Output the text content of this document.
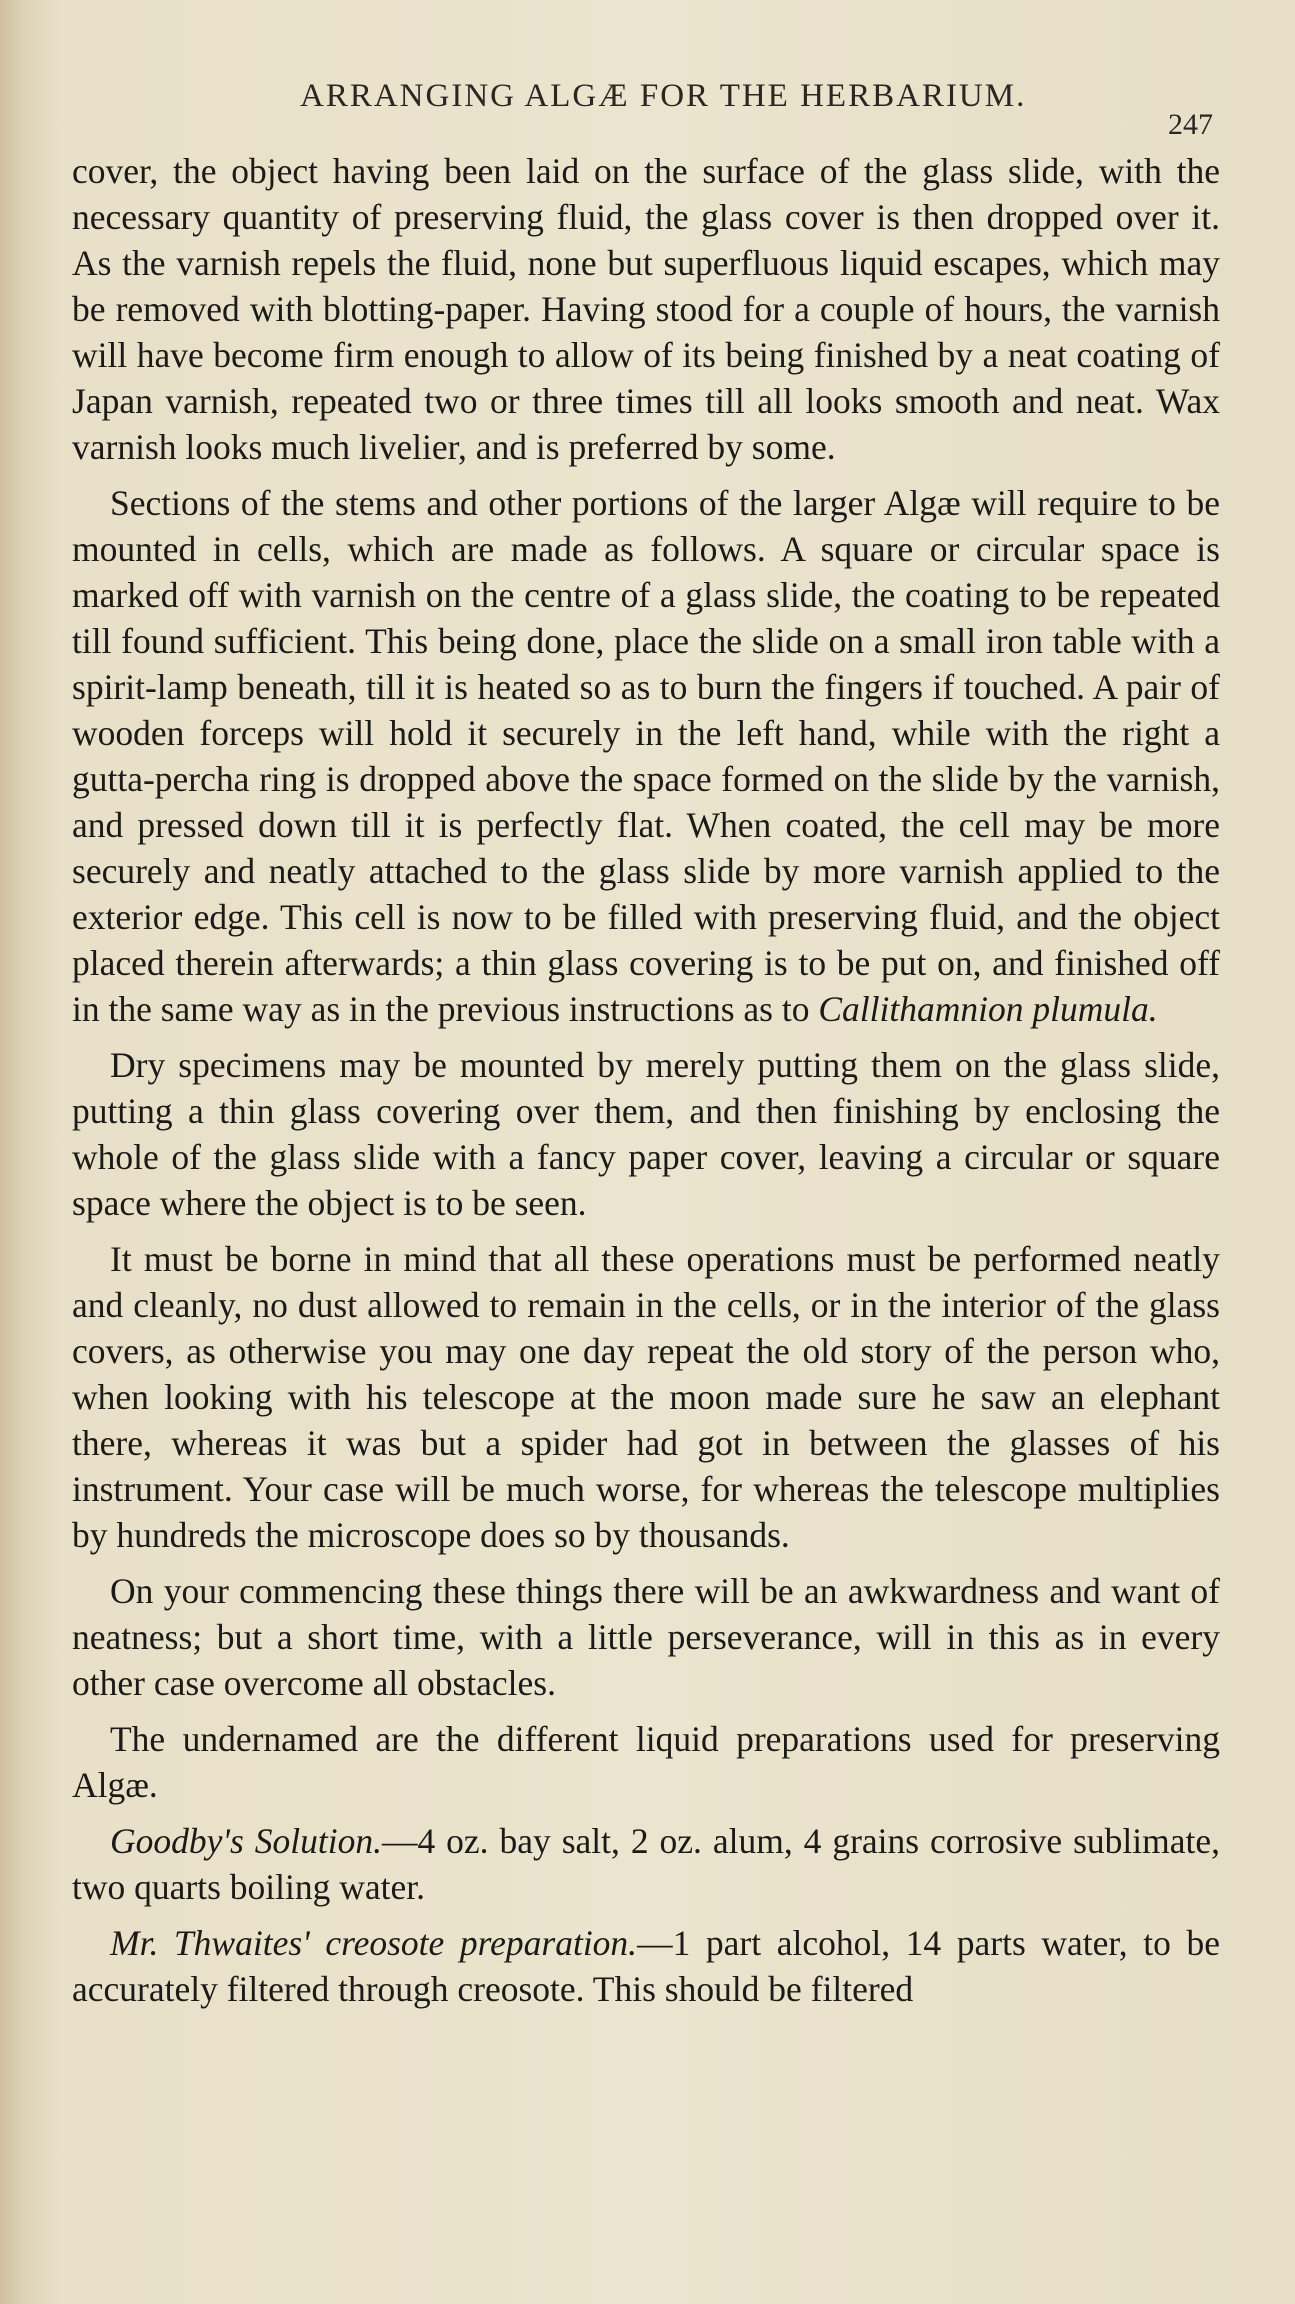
ARRANGING ALGÆ FOR THE HERBARIUM.
247

cover, the object having been laid on the surface of the glass slide, with the necessary quantity of preserving fluid, the glass cover is then dropped over it. As the varnish repels the fluid, none but superfluous liquid escapes, which may be removed with blotting-paper. Having stood for a couple of hours, the varnish will have become firm enough to allow of its being finished by a neat coating of Japan varnish, repeated two or three times till all looks smooth and neat. Wax varnish looks much livelier, and is preferred by some.

Sections of the stems and other portions of the larger Algæ will require to be mounted in cells, which are made as follows. A square or circular space is marked off with varnish on the centre of a glass slide, the coating to be repeated till found sufficient. This being done, place the slide on a small iron table with a spirit-lamp beneath, till it is heated so as to burn the fingers if touched. A pair of wooden forceps will hold it securely in the left hand, while with the right a gutta-percha ring is dropped above the space formed on the slide by the varnish, and pressed down till it is perfectly flat. When coated, the cell may be more securely and neatly attached to the glass slide by more varnish applied to the exterior edge. This cell is now to be filled with preserving fluid, and the object placed therein afterwards; a thin glass covering is to be put on, and finished off in the same way as in the previous instructions as to Callithamnion plumula.

Dry specimens may be mounted by merely putting them on the glass slide, putting a thin glass covering over them, and then finishing by enclosing the whole of the glass slide with a fancy paper cover, leaving a circular or square space where the object is to be seen.

It must be borne in mind that all these operations must be performed neatly and cleanly, no dust allowed to remain in the cells, or in the interior of the glass covers, as otherwise you may one day repeat the old story of the person who, when looking with his telescope at the moon made sure he saw an elephant there, whereas it was but a spider had got in between the glasses of his instrument. Your case will be much worse, for whereas the telescope multiplies by hundreds the microscope does so by thousands.

On your commencing these things there will be an awkwardness and want of neatness; but a short time, with a little perseverance, will in this as in every other case overcome all obstacles.

The undernamed are the different liquid preparations used for preserving Algæ.

Goodby's Solution.—4 oz. bay salt, 2 oz. alum, 4 grains corrosive sublimate, two quarts boiling water.

Mr. Thwaites' creosote preparation.—1 part alcohol, 14 parts water, to be accurately filtered through creosote. This should be filtered
